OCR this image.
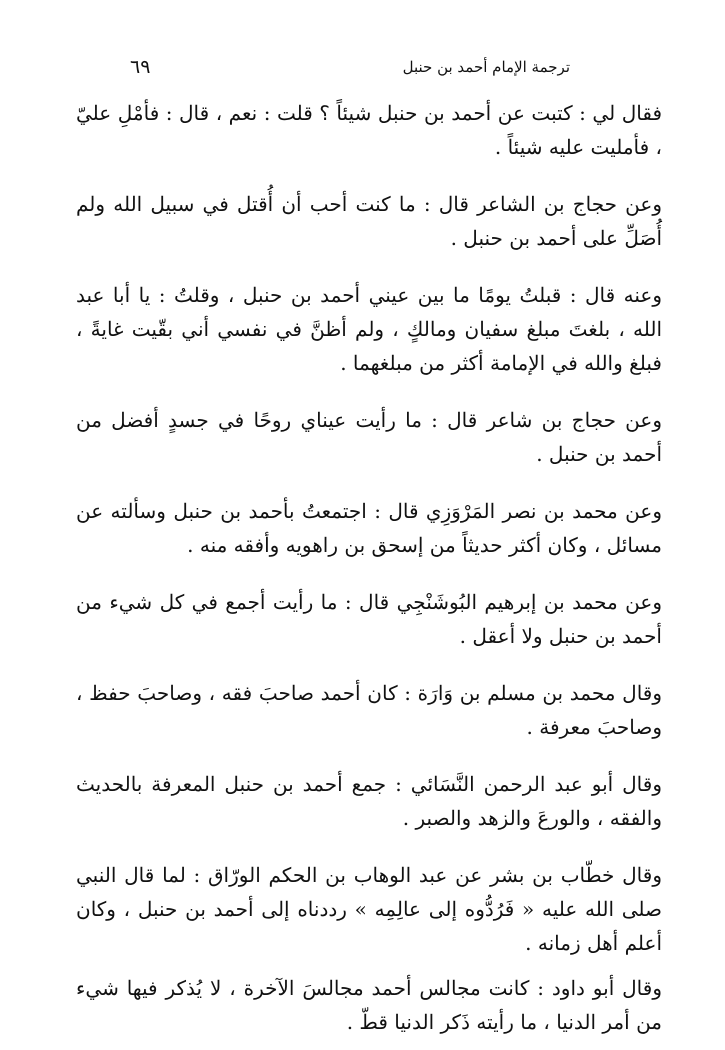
ترجمة الإمام أحمد بن حنبل
٦٩

فقال لي : كتبت عن أحمد بن حنبل شيئاً ؟ قلت : نعم ، قال : فأمْلِ عليّ ، فأمليت عليه شيئاً .

وعن حجاج بن الشاعر قال : ما كنت أحب أن أُقتل في سبيل الله ولم أُصَلِّ على أحمد بن حنبل .

وعنه قال : قبلتُ يومًا ما بين عيني أحمد بن حنبل ، وقلتُ : يا أبا عبد الله ، بلغتَ مبلغ سفيان ومالكٍ ، ولم أظنَّ في نفسي أني بقّيت غايةً ، فبلغ والله في الإمامة أكثر من مبلغهما .

وعن حجاج بن شاعر قال : ما رأيت عيناي روحًا في جسدٍ أفضل من أحمد بن حنبل .

وعن محمد بن نصر المَرْوَزِي قال : اجتمعتُ بأحمد بن حنبل وسألته عن مسائل ، وكان أكثر حديثاً من إسحق بن راهويه وأفقه منه .

وعن محمد بن إبرهيم البُوشَنْجِي قال : ما رأيت أجمع في كل شيء من أحمد بن حنبل ولا أعقل .

وقال محمد بن مسلم بن وَارَة : كان أحمد صاحبَ فقه ، وصاحبَ حفظ ، وصاحبَ معرفة .

وقال أبو عبد الرحمن النَّسَائي : جمع أحمد بن حنبل المعرفة بالحديث والفقه ، والورعَ والزهد والصبر .

وقال خطّاب بن بشر عن عبد الوهاب بن الحكم الورّاق : لما قال النبي صلى الله عليه « فَرُدُّوه إلى عالِمِه » رددناه إلى أحمد بن حنبل ، وكان أعلم أهل زمانه .

وقال أبو داود : كانت مجالس أحمد مجالسَ الآخرة ، لا يُذكر فيها شيء من أمر الدنيا ، ما رأيته ذَكر الدنيا قطّ .
